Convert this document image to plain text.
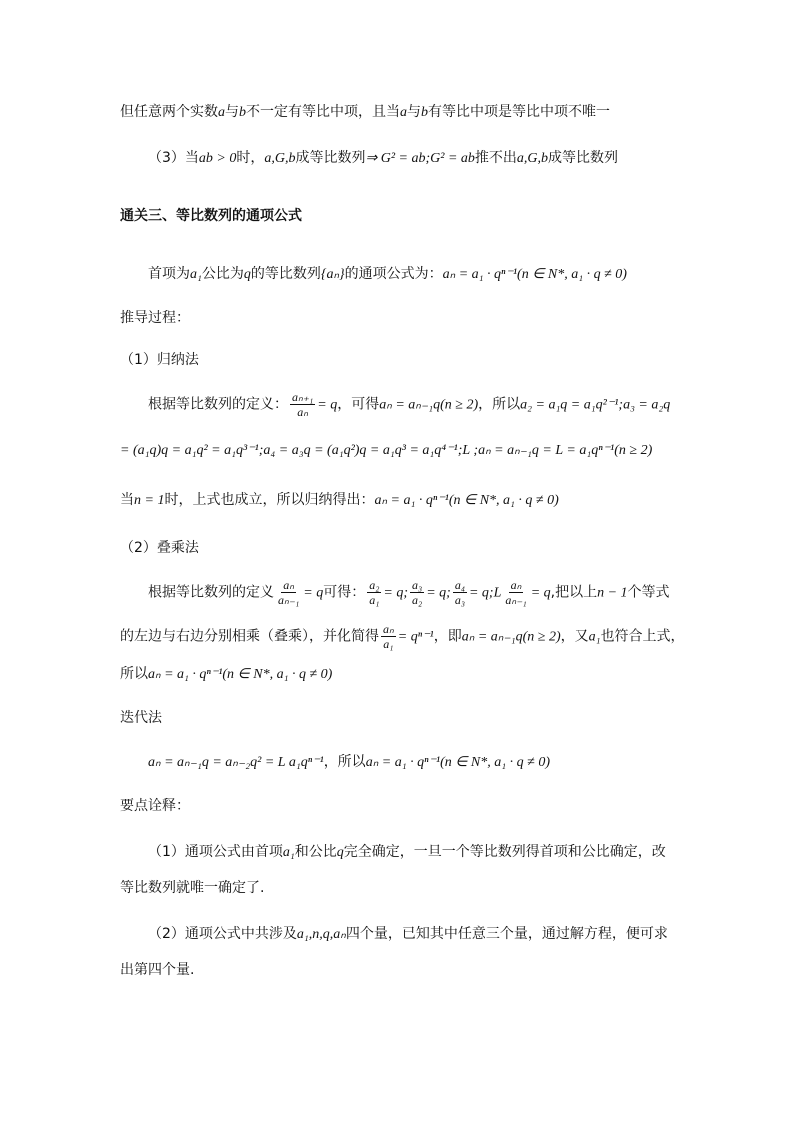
但任意两个实数a与b不一定有等比中项，且当a与b有等比中项是等比中项不唯一
（3）当ab > 0时，a,G,b成等比数列⇒ G² = ab;G² = ab推不出a,G,b成等比数列
通关三、等比数列的通项公式
首项为a₁公比为q的等比数列{aₙ}的通项公式为：aₙ = a₁ · qⁿ⁻¹(n ∈ N*, a₁ · q ≠ 0)
推导过程：
（1）归纳法
根据等比数列的定义： $\frac{\text{aₙ₊₁}}{\text{aₙ}} = q$，可得aₙ = aₙ₋₁q(n ≥ 2)，所以a₂ = a₁q = a₁q²⁻¹;a₃ = a₂q
= (a₁q)q = a₁q² = a₁q³⁻¹;a₄ = a₃q = (a₁q²)q = a₁q³ = a₁q⁴⁻¹;L ;aₙ = aₙ₋₁q = L = a₁qⁿ⁻¹(n ≥ 2)
当n = 1时，上式也成立，所以归纳得出：aₙ = a₁ · qⁿ⁻¹(n ∈ N*, a₁ · q ≠ 0)
（2）叠乘法
根据等比数列的定义 $\frac{\text{aₙ}}{\text{aₙ₋₁}} = q$可得： $\frac{\text{a₂}}{\text{a₁}} = q$; $\frac{\text{a₃}}{\text{a₂}} = q$; $\frac{\text{a₄}}{\text{a₃}}$ = q;L $\frac{\text{aₙ}}{\text{aₙ₋₁}} = q$,把以上n − 1个等式
的左边与右边分别相乘（叠乘），并化简得 $\frac{\text{aₙ}}{\text{a₁}} = q^{n-1}$，即aₙ = aₙ₋₁q(n ≥ 2)，又a₁也符合上式，
所以aₙ = a₁ · qⁿ⁻¹(n ∈ N*, a₁ · q ≠ 0)
迭代法
aₙ = aₙ₋₁q = aₙ₋₂q² = L a₁qⁿ⁻¹，所以aₙ = a₁ · qⁿ⁻¹(n ∈ N*, a₁ · q ≠ 0)
要点诠释：
（1）通项公式由首项a₁和公比q完全确定，一旦一个等比数列得首项和公比确定，改
等比数列就唯一确定了.
（2）通项公式中共涉及a₁,n,q,aₙ四个量，已知其中任意三个量，通过解方程，便可求
出第四个量.
